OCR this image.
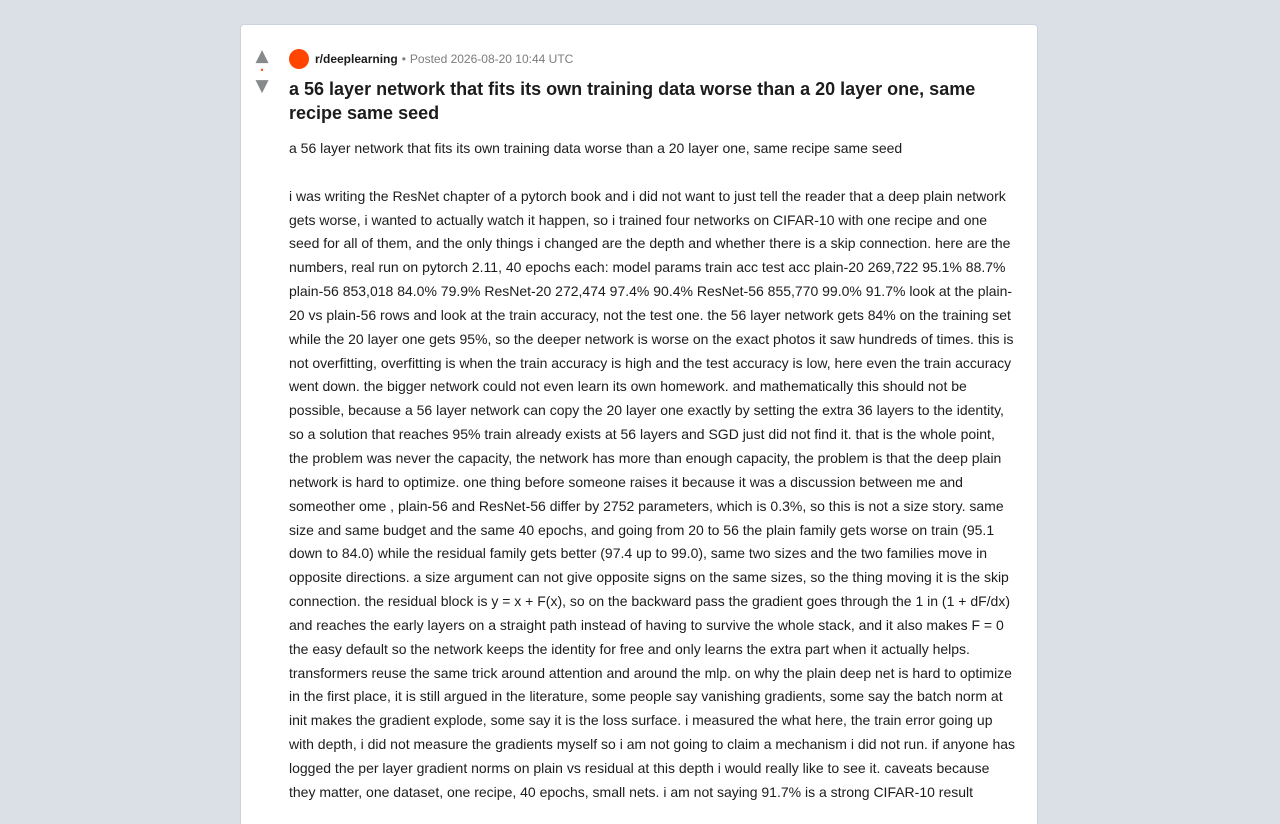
▲
•
▼
r/deeplearning • Posted 2026-08-20 10:44 UTC
a 56 layer network that fits its own training data worse than a 20 layer one, same recipe same seed
a 56 layer network that fits its own training data worse than a 20 layer one, same recipe same seed

i was writing the ResNet chapter of a pytorch book and i did not want to just tell the reader that a deep plain network gets worse, i wanted to actually watch it happen, so i trained four networks on CIFAR-10 with one recipe and one seed for all of them, and the only things i changed are the depth and whether there is a skip connection. here are the numbers, real run on pytorch 2.11, 40 epochs each: model params train acc test acc plain-20 269,722 95.1% 88.7% plain-56 853,018 84.0% 79.9% ResNet-20 272,474 97.4% 90.4% ResNet-56 855,770 99.0% 91.7% look at the plain-20 vs plain-56 rows and look at the train accuracy, not the test one. the 56 layer network gets 84% on the training set while the 20 layer one gets 95%, so the deeper network is worse on the exact photos it saw hundreds of times. this is not overfitting, overfitting is when the train accuracy is high and the test accuracy is low, here even the train accuracy went down. the bigger network could not even learn its own homework. and mathematically this should not be possible, because a 56 layer network can copy the 20 layer one exactly by setting the extra 36 layers to the identity, so a solution that reaches 95% train already exists at 56 layers and SGD just did not find it. that is the whole point, the problem was never the capacity, the network has more than enough capacity, the problem is that the deep plain network is hard to optimize. one thing before someone raises it because it was a discussion between me and someother ome , plain-56 and ResNet-56 differ by 2752 parameters, which is 0.3%, so this is not a size story. same size and same budget and the same 40 epochs, and going from 20 to 56 the plain family gets worse on train (95.1 down to 84.0) while the residual family gets better (97.4 up to 99.0), same two sizes and the two families move in opposite directions. a size argument can not give opposite signs on the same sizes, so the thing moving it is the skip connection. the residual block is y = x + F(x), so on the backward pass the gradient goes through the 1 in (1 + dF/dx) and reaches the early layers on a straight path instead of having to survive the whole stack, and it also makes F = 0 the easy default so the network keeps the identity for free and only learns the extra part when it actually helps. transformers reuse the same trick around attention and around the mlp. on why the plain deep net is hard to optimize in the first place, it is still argued in the literature, some people say vanishing gradients, some say the batch norm at init makes the gradient explode, some say it is the loss surface. i measured the what here, the train error going up with depth, i did not measure the gradients myself so i am not going to claim a mechanism i did not run. if anyone has logged the per layer gradient norms on plain vs residual at this depth i would really like to see it. caveats because they matter, one dataset, one recipe, 40 epochs, small nets. i am not saying 91.7% is a strong CIFAR-10 result
